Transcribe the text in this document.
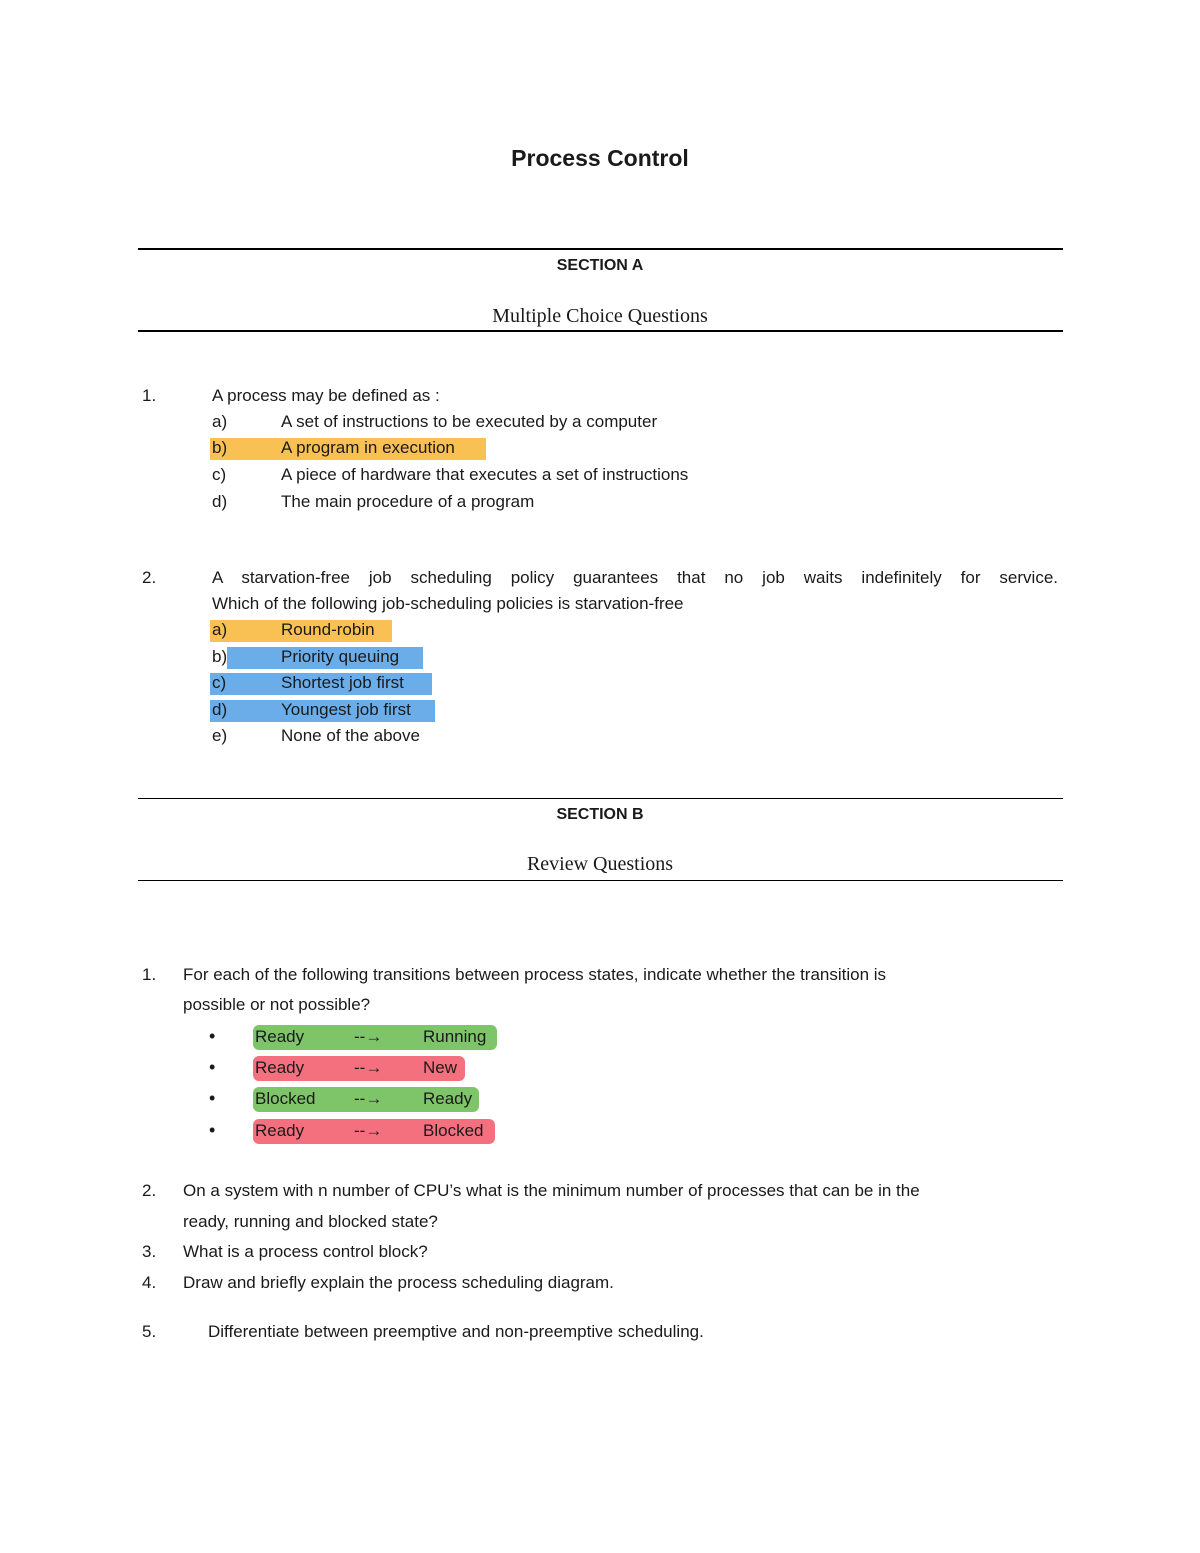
Process Control
SECTION A
Multiple Choice Questions
1.	A process may be defined as :
a)	A set of instructions to be executed by a computer
b)	A program in execution
c)	A piece of hardware that executes a set of instructions
d)	The main procedure of a program
2.	A starvation-free job scheduling policy guarantees that no job waits indefinitely for service.
Which of the following job-scheduling policies is starvation-free
a)	Round-robin
b)	Priority queuing
c)	Shortest job first
d)	Youngest job first
e)	None of the above
SECTION B
Review Questions
1. For each of the following transitions between process states, indicate whether the transition is
possible or not possible?
• Ready	--→ Running
• Ready	--→ New
• Blocked --→ Ready
• Ready	--→ Blocked
2. On a system with n number of CPU’s what is the minimum number of processes that can be in the
ready, running and blocked state?
3. What is a process control block?
4. Draw and briefly explain the process scheduling diagram.
5.	Differentiate between preemptive and non-preemptive scheduling.
